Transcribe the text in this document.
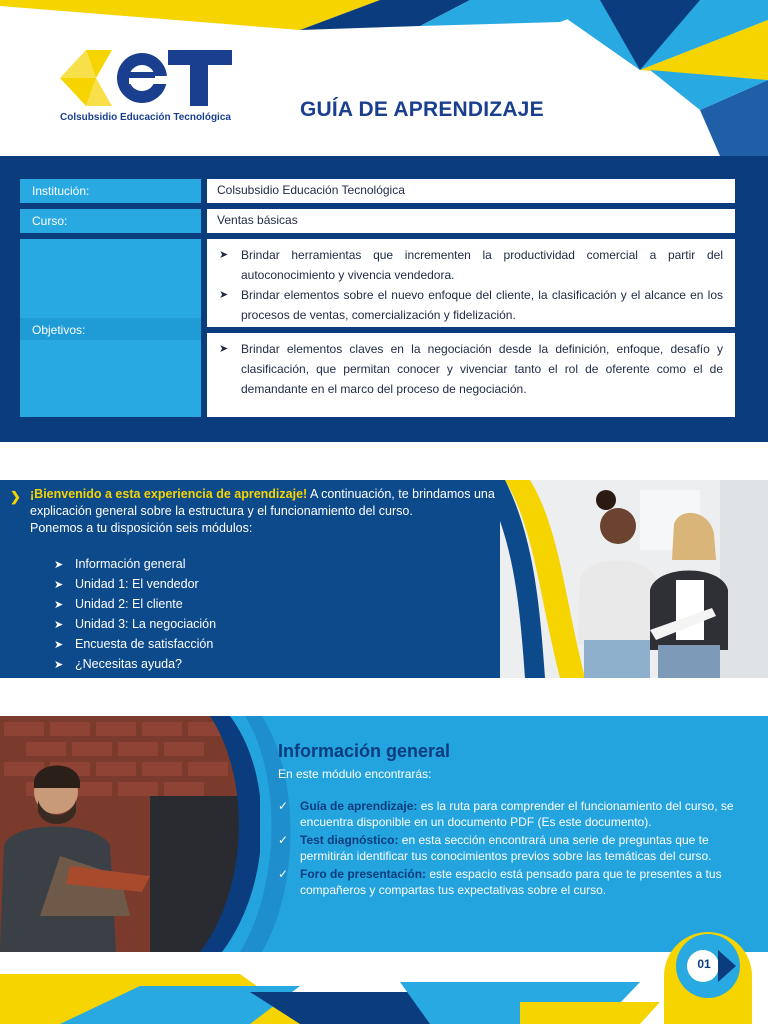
Colsubsidio Educación Tecnológica	GUÍA DE APRENDIZAJE
Institución:	Colsubsidio Educación Tecnológica
Curso:	Ventas básicas
Objetivos:
➤	Brindar herramientas que incrementen la productividad comercial a partir del autoconocimiento y vivencia vendedora.
➤	Brindar elementos sobre el nuevo enfoque del cliente, la clasificación y el alcance en los procesos de ventas, comercialización y fidelización.
➤	Brindar elementos claves en la negociación desde la definición, enfoque, desafío y clasificación, que permitan conocer y vivenciar tanto el rol de oferente como el de demandante en el marco del proceso de negociación.
❯ ¡Bienvenido a esta experiencia de aprendizaje! A continuación, te brindamos una explicación general sobre la estructura y el funcionamiento del curso.
Ponemos a tu disposición seis módulos:
➤ Información general
➤ Unidad 1: El vendedor
➤ Unidad 2: El cliente
➤ Unidad 3: La negociación
➤ Encuesta de satisfacción
➤ ¿Necesitas ayuda?
Información general
En este módulo encontrarás:
✓ Guía de aprendizaje: es la ruta para comprender el funcionamiento del curso, se encuentra disponible en un documento PDF (Es este documento).
✓ Test diagnóstico: en esta sección encontrará una serie de preguntas que te permitirán identificar tus conocimientos previos sobre las temáticas del curso.
✓ Foro de presentación: este espacio está pensado para que te presentes a tus compañeros y compartas tus expectativas sobre el curso.
01
